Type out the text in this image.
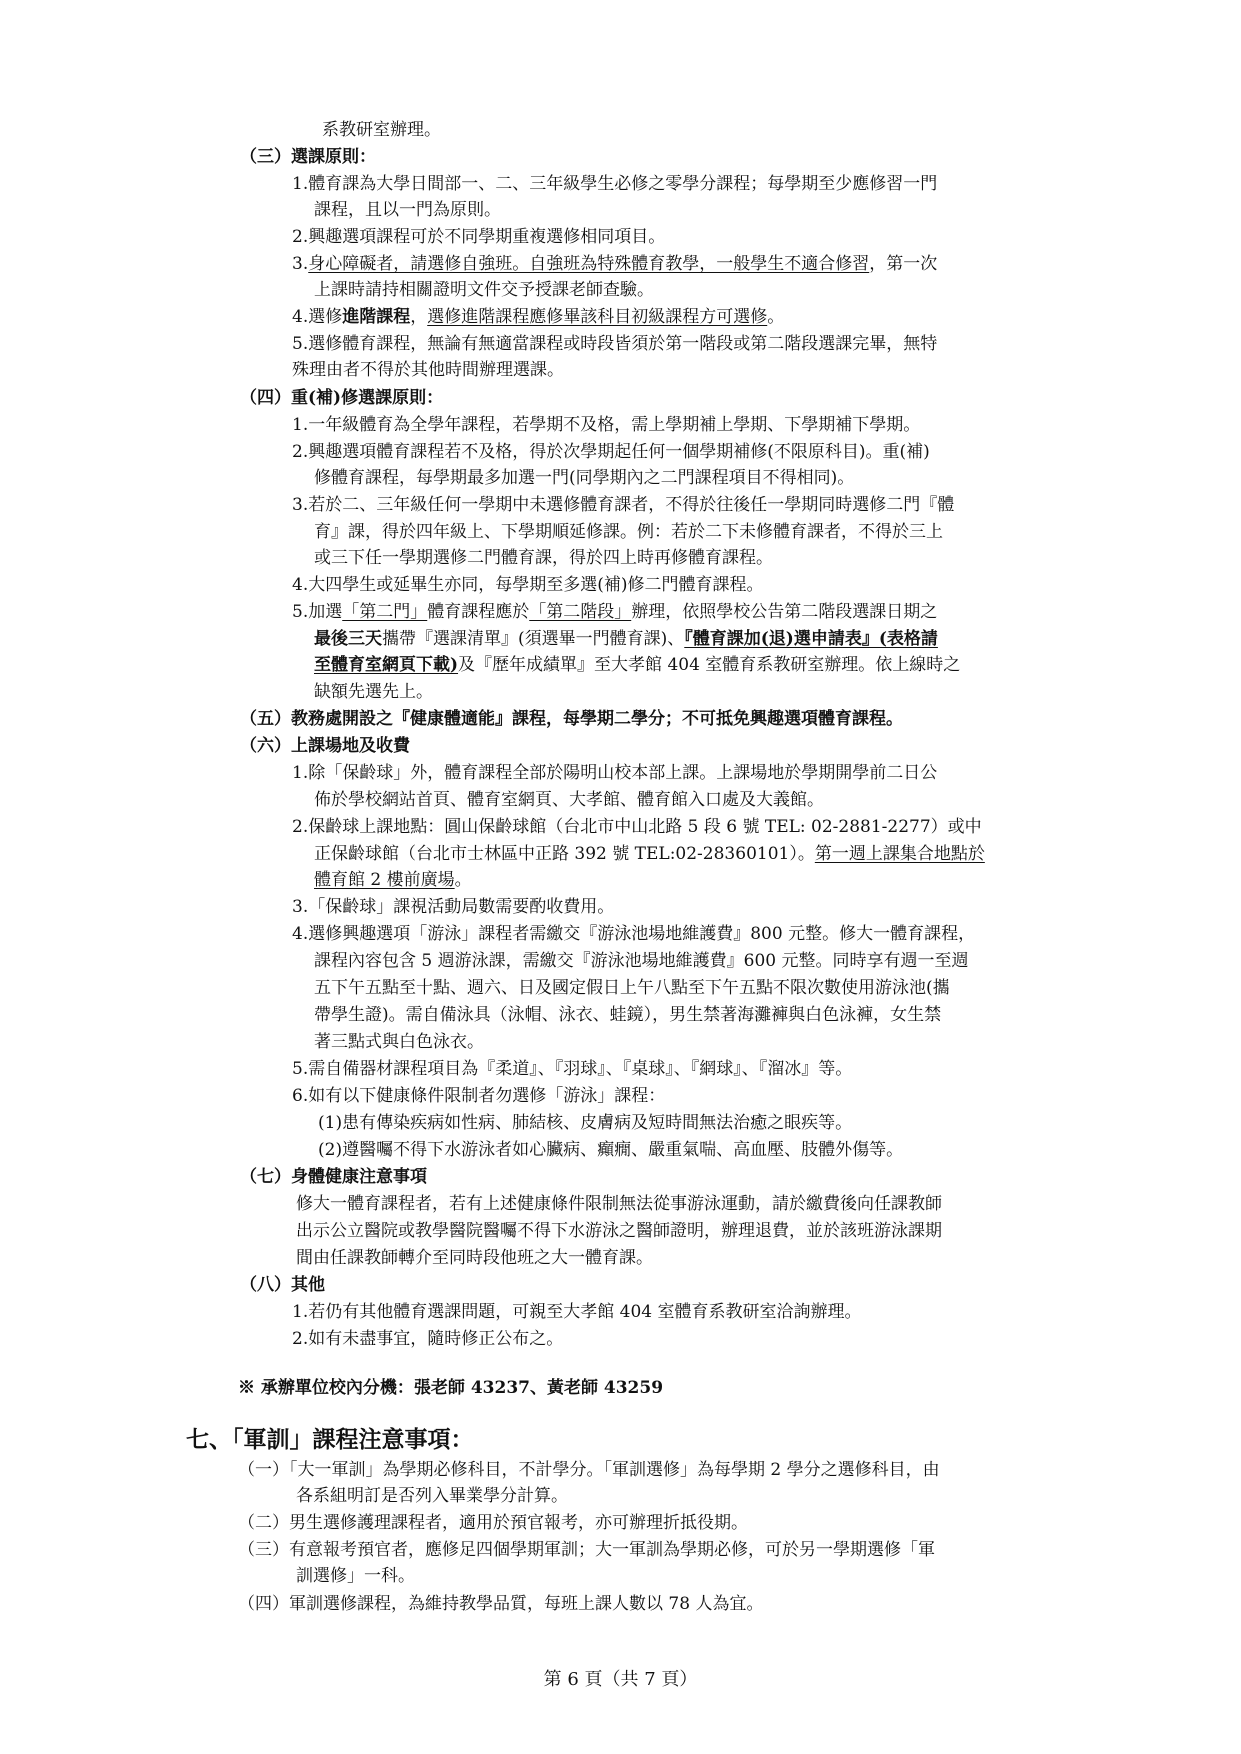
系教研室辦理。
（三）選課原則：
1.體育課為大學日間部一、二、三年級學生必修之零學分課程；每學期至少應修習一門
課程，且以一門為原則。
2.興趣選項課程可於不同學期重複選修相同項目。
3.身心障礙者，請選修自強班。自強班為特殊體育教學，一般學生不適合修習，第一次
上課時請持相關證明文件交予授課老師查驗。
4.選修進階課程，選修進階課程應修畢該科目初級課程方可選修。
5.選修體育課程，無論有無適當課程或時段皆須於第一階段或第二階段選課完畢，無特
殊理由者不得於其他時間辦理選課。
（四）重(補)修選課原則：
1.一年級體育為全學年課程，若學期不及格，需上學期補上學期、下學期補下學期。
2.興趣選項體育課程若不及格，得於次學期起任何一個學期補修(不限原科目)。重(補)
修體育課程，每學期最多加選一門(同學期內之二門課程項目不得相同)。
3.若於二、三年級任何一學期中未選修體育課者，不得於往後任一學期同時選修二門『體
育』課，得於四年級上、下學期順延修課。例：若於二下未修體育課者，不得於三上
或三下任一學期選修二門體育課，得於四上時再修體育課程。
4.大四學生或延畢生亦同，每學期至多選(補)修二門體育課程。
5.加選「第二門」體育課程應於「第二階段」辦理，依照學校公告第二階段選課日期之
最後三天攜帶『選課清單』(須選畢一門體育課)、『體育課加(退)選申請表』(表格請
至體育室網頁下載)及『歷年成績單』至大孝館 404 室體育系教研室辦理。依上線時之
缺額先選先上。
（五）教務處開設之『健康體適能』課程，每學期二學分；不可抵免興趣選項體育課程。
（六）上課場地及收費
1.除「保齡球」外，體育課程全部於陽明山校本部上課。上課場地於學期開學前二日公
佈於學校網站首頁、體育室網頁、大孝館、體育館入口處及大義館。
2.保齡球上課地點：圓山保齡球館（台北市中山北路 5 段 6 號 TEL: 02-2881-2277）或中
正保齡球館（台北市士林區中正路 392 號 TEL:02-28360101）。第一週上課集合地點於
體育館 2 樓前廣場。
3.「保齡球」課視活動局數需要酌收費用。
4.選修興趣選項「游泳」課程者需繳交『游泳池場地維護費』800 元整。修大一體育課程，
課程內容包含 5 週游泳課，需繳交『游泳池場地維護費』600 元整。同時享有週一至週
五下午五點至十點、週六、日及國定假日上午八點至下午五點不限次數使用游泳池(攜
帶學生證)。需自備泳具（泳帽、泳衣、蛙鏡），男生禁著海灘褲與白色泳褲，女生禁
著三點式與白色泳衣。
5.需自備器材課程項目為『柔道』、『羽球』、『桌球』、『網球』、『溜冰』等。
6.如有以下健康條件限制者勿選修「游泳」課程：
(1)患有傳染疾病如性病、肺結核、皮膚病及短時間無法治癒之眼疾等。
(2)遵醫囑不得下水游泳者如心臟病、癲癇、嚴重氣喘、高血壓、肢體外傷等。
（七）身體健康注意事項
修大一體育課程者，若有上述健康條件限制無法從事游泳運動，請於繳費後向任課教師
出示公立醫院或教學醫院醫囑不得下水游泳之醫師證明，辦理退費，並於該班游泳課期
間由任課教師轉介至同時段他班之大一體育課。
（八）其他
1.若仍有其他體育選課問題，可親至大孝館 404 室體育系教研室洽詢辦理。
2.如有未盡事宜，隨時修正公布之。
※ 承辦單位校內分機：張老師 43237、黃老師 43259
七、「軍訓」課程注意事項：
（一）「大一軍訓」為學期必修科目，不計學分。「軍訓選修」為每學期 2 學分之選修科目，由
各系組明訂是否列入畢業學分計算。
（二）男生選修護理課程者，適用於預官報考，亦可辦理折抵役期。
（三）有意報考預官者，應修足四個學期軍訓；大一軍訓為學期必修，可於另一學期選修「軍
訓選修」一科。
（四）軍訓選修課程，為維持教學品質，每班上課人數以 78 人為宜。
第 6 頁（共 7 頁）
